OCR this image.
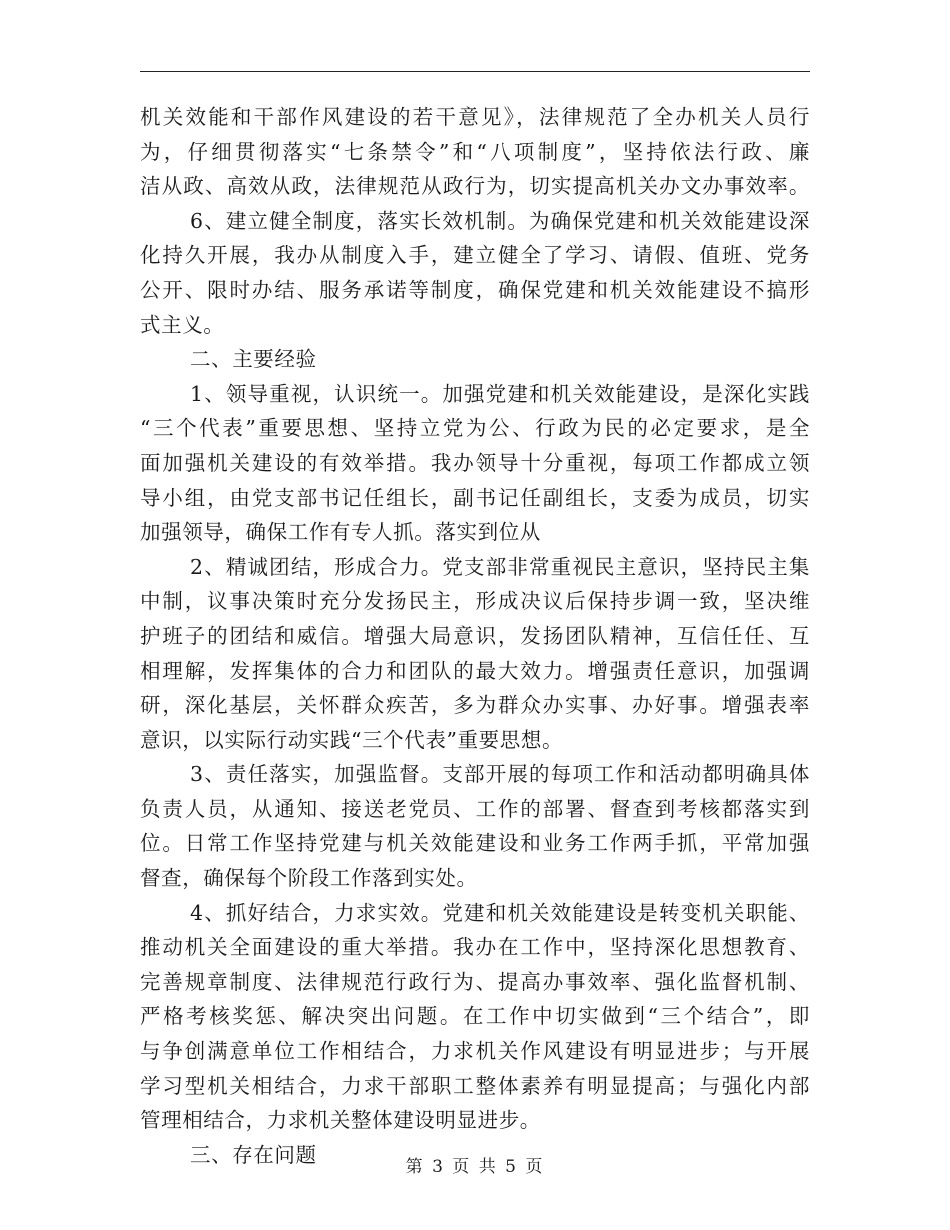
机关效能和干部作风建设的若干意见》，法律规范了全办机关人员行
为，仔细贯彻落实“七条禁令”和“八项制度”，坚持依法行政、廉
洁从政、高效从政，法律规范从政行为，切实提高机关办文办事效率。
6、建立健全制度，落实长效机制。为确保党建和机关效能建设深
化持久开展，我办从制度入手，建立健全了学习、请假、值班、党务
公开、限时办结、服务承诺等制度，确保党建和机关效能建设不搞形
式主义。
二、主要经验
1、领导重视，认识统一。加强党建和机关效能建设，是深化实践
“三个代表”重要思想、坚持立党为公、行政为民的必定要求，是全
面加强机关建设的有效举措。我办领导十分重视，每项工作都成立领
导小组，由党支部书记任组长，副书记任副组长，支委为成员，切实
加强领导，确保工作有专人抓。落实到位从
2、精诚团结，形成合力。党支部非常重视民主意识，坚持民主集
中制，议事决策时充分发扬民主，形成决议后保持步调一致，坚决维
护班子的团结和威信。增强大局意识，发扬团队精神，互信任任、互
相理解，发挥集体的合力和团队的最大效力。增强责任意识，加强调
研，深化基层，关怀群众疾苦，多为群众办实事、办好事。增强表率
意识，以实际行动实践“三个代表”重要思想。
3、责任落实，加强监督。支部开展的每项工作和活动都明确具体
负责人员，从通知、接送老党员、工作的部署、督查到考核都落实到
位。日常工作坚持党建与机关效能建设和业务工作两手抓，平常加强
督查，确保每个阶段工作落到实处。
4、抓好结合，力求实效。党建和机关效能建设是转变机关职能、
推动机关全面建设的重大举措。我办在工作中，坚持深化思想教育、
完善规章制度、法律规范行政行为、提高办事效率、强化监督机制、
严格考核奖惩、解决突出问题。在工作中切实做到“三个结合”，即
与争创满意单位工作相结合，力求机关作风建设有明显进步；与开展
学习型机关相结合，力求干部职工整体素养有明显提高；与强化内部
管理相结合，力求机关整体建设明显进步。
三、存在问题
第 3 页 共 5 页
